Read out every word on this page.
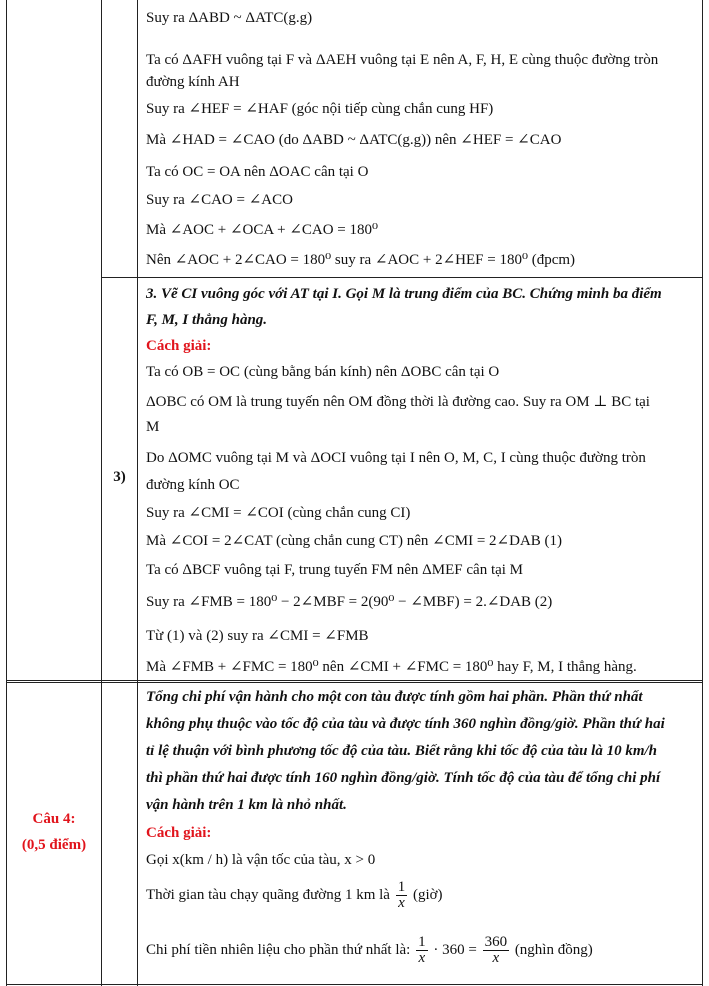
Suy ra ΔABD ~ ΔATC(g.g)
Ta có ΔAFH vuông tại F và ΔAEH vuông tại E nên A, F, H, E cùng thuộc đường tròn
đường kính AH
Suy ra ∠HEF = ∠HAF (góc nội tiếp cùng chắn cung HF)
Mà ∠HAD = ∠CAO (do ΔABD ~ ΔATC(g.g)) nên ∠HEF = ∠CAO
Ta có OC = OA nên ΔOAC cân tại O
Suy ra ∠CAO = ∠ACO
Mà ∠AOC + ∠OCA + ∠CAO = 180⁰
Nên ∠AOC + 2∠CAO = 180⁰ suy ra ∠AOC + 2∠HEF = 180⁰ (đpcm)
3)
3. Vẽ CI vuông góc với AT tại I. Gọi M là trung điểm của BC. Chứng minh ba điểm
F, M, I thẳng hàng.
Cách giải:
Ta có OB = OC (cùng bằng bán kính) nên ΔOBC cân tại O
ΔOBC có OM là trung tuyến nên OM đồng thời là đường cao. Suy ra OM ⊥ BC tại
M
Do ΔOMC vuông tại M và ΔOCI vuông tại I nên O, M, C, I cùng thuộc đường tròn
đường kính OC
Suy ra ∠CMI = ∠COI (cùng chắn cung CI)
Mà ∠COI = 2∠CAT (cùng chắn cung CT) nên ∠CMI = 2∠DAB (1)
Ta có ΔBCF vuông tại F, trung tuyến FM nên ΔMEF cân tại M
Suy ra ∠FMB = 180⁰ − 2∠MBF = 2(90⁰ − ∠MBF) = 2.∠DAB (2)
Từ (1) và (2) suy ra ∠CMI = ∠FMB
Mà ∠FMB + ∠FMC = 180⁰ nên ∠CMI + ∠FMC = 180⁰ hay F, M, I thẳng hàng.
Câu 4:
(0,5 điểm)
Tổng chi phí vận hành cho một con tàu được tính gồm hai phần. Phần thứ nhất
không phụ thuộc vào tốc độ của tàu và được tính 360 nghìn đồng/giờ. Phần thứ hai
tỉ lệ thuận với bình phương tốc độ của tàu. Biết rằng khi tốc độ của tàu là 10 km/h
thì phần thứ hai được tính 160 nghìn đồng/giờ. Tính tốc độ của tàu để tổng chi phí
vận hành trên 1 km là nhỏ nhất.
Cách giải:
Gọi x(km / h) là vận tốc của tàu, x > 0
Thời gian tàu chạy quãng đường 1 km là $\frac{1}{x}$ (giờ)
Chi phí tiền nhiên liệu cho phần thứ nhất là: $\frac{1}{x} \cdot 360 = \frac{360}{x}$ (nghìn đồng)
